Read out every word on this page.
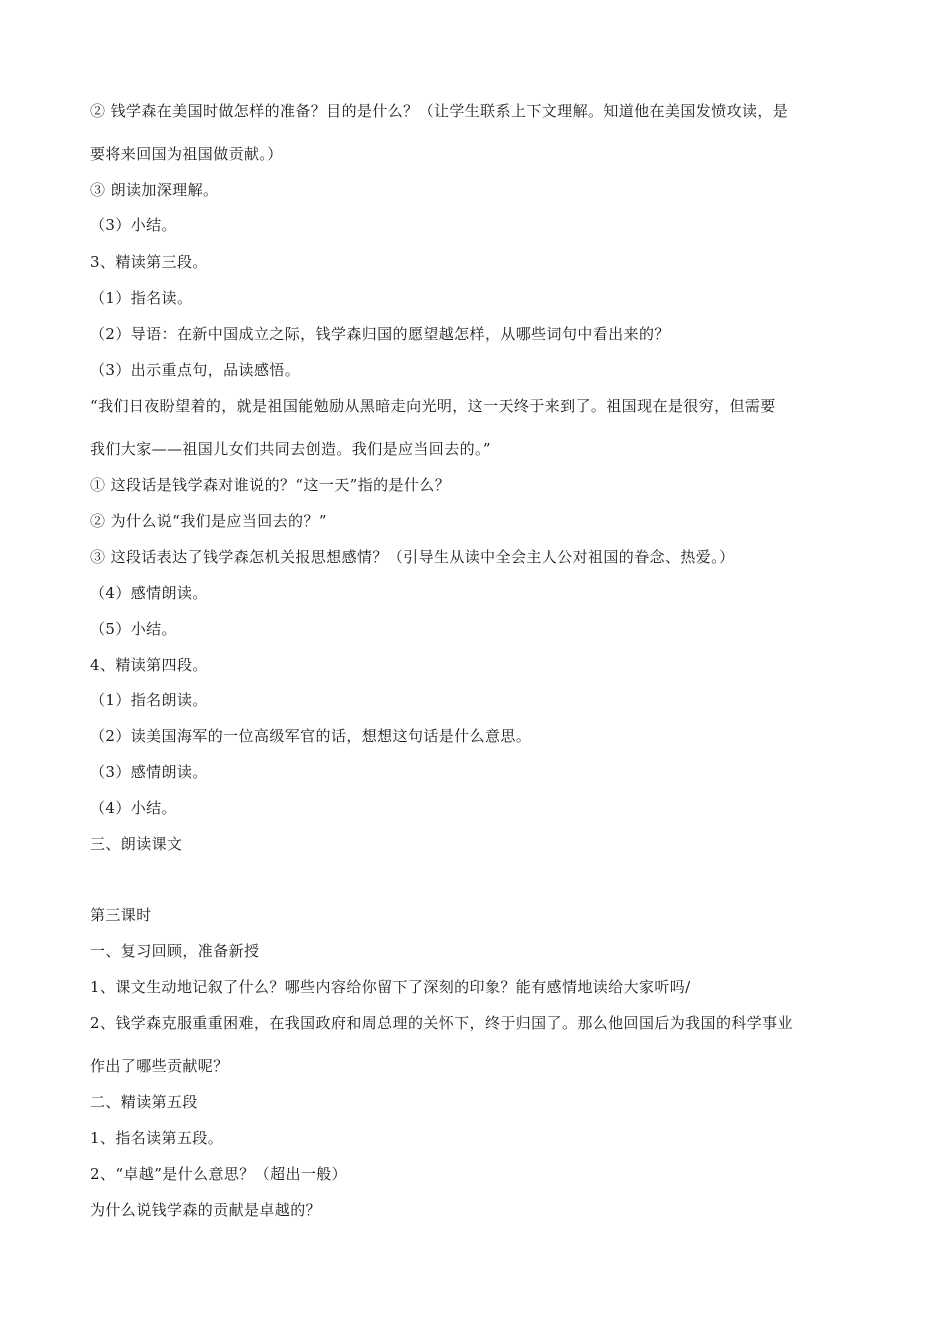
② 钱学森在美国时做怎样的准备？目的是什么？（让学生联系上下文理解。知道他在美国发愤攻读，是
要将来回国为祖国做贡献。）
③ 朗读加深理解。
（3）小结。
3、精读第三段。
（1）指名读。
（2）导语：在新中国成立之际，钱学森归国的愿望越怎样，从哪些词句中看出来的？
（3）出示重点句，品读感悟。
“我们日夜盼望着的，就是祖国能勉励从黑暗走向光明，这一天终于来到了。祖国现在是很穷，但需要
我们大家——祖国儿女们共同去创造。我们是应当回去的。”
① 这段话是钱学森对谁说的？“这一天”指的是什么？
② 为什么说“我们是应当回去的？”
③ 这段话表达了钱学森怎机关报思想感情？（引导生从读中全会主人公对祖国的眷念、热爱。）
（4）感情朗读。
（5）小结。
4、精读第四段。
（1）指名朗读。
（2）读美国海军的一位高级军官的话，想想这句话是什么意思。
（3）感情朗读。
（4）小结。
三、朗读课文
第三课时
一、复习回顾，准备新授
1、课文生动地记叙了什么？哪些内容给你留下了深刻的印象？能有感情地读给大家听吗/
2、钱学森克服重重困难，在我国政府和周总理的关怀下，终于归国了。那么他回国后为我国的科学事业
作出了哪些贡献呢？
二、精读第五段
1、指名读第五段。
2、“卓越”是什么意思？（超出一般）
为什么说钱学森的贡献是卓越的？
